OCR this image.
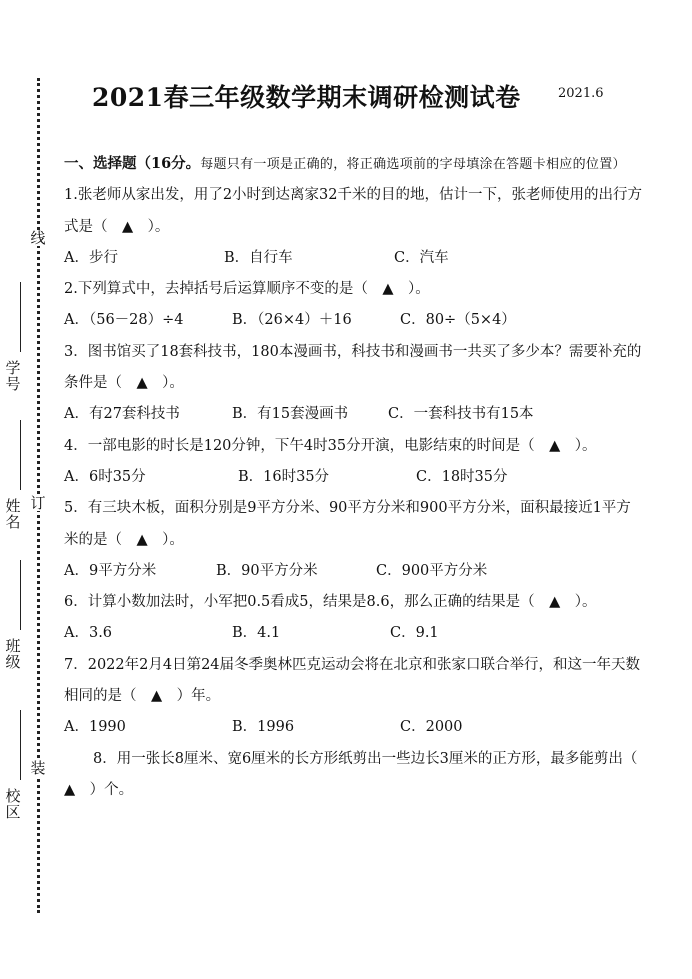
线
订
装
学号
姓名
班级
校区
2021春三年级数学期末调研检测试卷	2021.6
一、选择题（16分。每题只有一项是正确的，将正确选项前的字母填涂在答题卡相应的位置）
1.张老师从家出发，用了2小时到达离家32千米的目的地，估计一下，张老师使用的出行方式是（　▲　）。
A．步行	B．自行车	C．汽车
2.下列算式中，去掉括号后运算顺序不变的是（　▲　）。
A．（56－28）÷4	B．（26×4）＋16	C．80÷（5×4）
3．图书馆买了18套科技书，180本漫画书，科技书和漫画书一共买了多少本？需要补充的条件是（　▲　）。
A．有27套科技书	B．有15套漫画书	C．一套科技书有15本
4．一部电影的时长是120分钟，下午4时35分开演，电影结束的时间是（　▲　）。
A．6时35分	B．16时35分	C．18时35分
5．有三块木板，面积分别是9平方分米、90平方分米和900平方分米，面积最接近1平方米的是（　▲　）。
A．9平方分米	B．90平方分米	C．900平方分米
6．计算小数加法时，小军把0.5看成5，结果是8.6，那么正确的结果是（　▲　）。
A．3.6	B．4.1	C．9.1
7．2022年2月4日第24届冬季奥林匹克运动会将在北京和张家口联合举行，和这一年天数相同的是（　▲　）年。
A．1990	B．1996	C．2000
　　8．用一张长8厘米、宽6厘米的长方形纸剪出一些边长3厘米的正方形，最多能剪出（　▲　）个。
